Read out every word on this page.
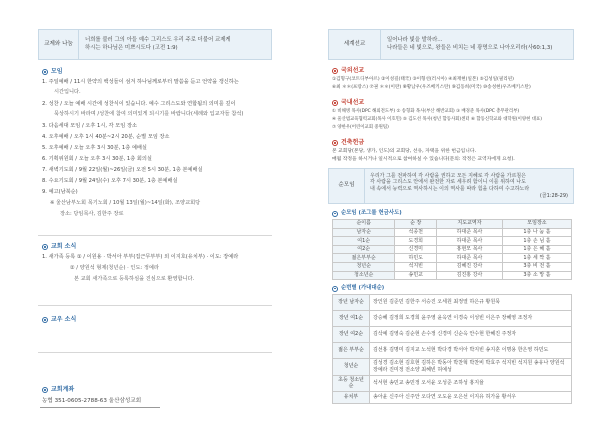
교제와 나눔
너희를 불러 그의 아들 예수 그리스도 우리 주로 더불어 교제케
하시는 하나님은 미쁘시도다 (고전 1:9)
모임
1. 주일예배 / 11시 한약의 백성들이 섬겨 하나님께로부터 말씀을 듣고 언약을 갱신하는
시간입니다.
2. 성찬 / 오늘 예배 시간에 성찬식이 있습니다. 예수 그리스도와 연합됨의 의미를 깊이
묵상하시기 바라며 /성찬에 참여 의미있게 되시기를 바랍니다(세례와 입교자들 참석)
3. 다음세대 모임 / 오후 1시, 각 모임 장소
4. 오후예배 / 오후 1시 40분~2시 20분, 순별 모임 장소
5. 오후예배 / 오늘 오후 3시 30분, 1층 예배실
6. 기획위원회 / 오늘 오후 3시 30분, 1층 회의실
7. 새벽기도회 / 9월 22일(월)~26일(금) 오전 5시 30분, 1층 본예배실
8. 수요기도회 / 9월 24일(수) 오후 7시 30분, 1층 본예배실
9. 예고(남북순)
※ 울산남부노회 목기노회 / 10월 13일(월)~14일(화), 조양교회당
장소: 당임목사, 김한주 장로
교회 소식
1. 새가족 등록 ① / 이원용 · 박서아 부부(집근무부부) 외 이지호(유치부) · 이도: 장예라
② / 양원석 형제(청년순) · 인도: 정예라
본 교회 새가족으로 등록하심을 진심으로 환영합니다.
교우 소식
교회계좌
농협 351-0605-2788-63 울산삼성교회
세계선교
일어나라 빛을 발하라...
나라들은 네 빛으로, 왕들은 비치는 네 광명으로 나아오리라(사60:1,3)
국외선교
①김형구(코트디부아르) ②이성길(태국) ③이형선(러시아) ④최재현(일본) ⑤김성일(필리핀)
⑥최 ＊＊(프랑스) ⑦권 ＊＊(이란) ⑧황남우(우즈베키스탄) ⑨김동희(미국) ⑩송성현(우즈베키스탄)
국내선교
① 비해병 목사(DPC 해외전도부) ② 송형화 목사(부산 해반교회) ③ 배경준 목사(DPC 총무관리부)
④ 울산범교육협력교회(목사 이호민) ⑤ 김도선 목사(청년 합동사회)센터 ⑥ 합동신학교와 대학원(이양현 대표)
⑦ 양한우(어린이교회 중원팀)
건축헌금
본 교회당(본당, 생가, 인도)의 교회당, 선유, 자택을 위한 헌금입니다.
매월 작정을 하시거나 일시적으로 참여하실 수 있습니다(문의: 작정은 교역자에게 요청).
순모임
우리가 그를 전파하여 각 사람을 권하고 모든 지혜로 각 사람을 가르침은
각 사람을 그리스도 안에서 완전한 자로 세우려 함이니 이를 위하여 나도
내 속에서 능력으로 역사하시는 이의 역사를 따라 힘을 다하여 수고하노라
(골1:28-29)
순모임 (조그를 헌금사도)
순이름	순 장	지도교역자	모임장소
남자순	석종천	하대준 목사	1층 나 눔 홀
여1순	도경희	하대준 목사	1층 손 님 홀
여2순	신경미	홍현모 목사	1층 은 혜 홀
젊은부부순	하민도	하대준 목사	1층 세 짝 홀
청년순	석지빈	김혜진 강사	3층 비 전 홀
청소년순	송민교	김진홍 강사	3층 소 망 홀
순번별 (가내대순)
장년 남자순	장인원 김준민 김한주 서승진 오세원 최정열 하은규 황원묵
장년 여1순	강승혜 김정희 도경희 윤주영 윤옥연 이경숙 이성빈 이은주 장혜영 조정자
장년 여2순	김삭예 김영숙 김순현 손수정 신경미 신순옥 안수현 한혜진 주정자
젊은 부부순	김선홍 김명미 김지교 노석현 박다경 박서아 박지빈 송지훈 이명용 한은영 하민도
청년순	김성경 김소현 김호현 김하은 박동아 박찬혁 박찬비 박효주 석지빈 석지원 송유나 양원석 장예라 진미정 전소양 최혜빈 허예성
초등 청소년순	석서현 송민교 송민정 오서윤 오성준 조하성 홍지율
유치부	송아윤 신주아 신주안 오다연 오도윤 오은선 이지유 허가을 황서우
